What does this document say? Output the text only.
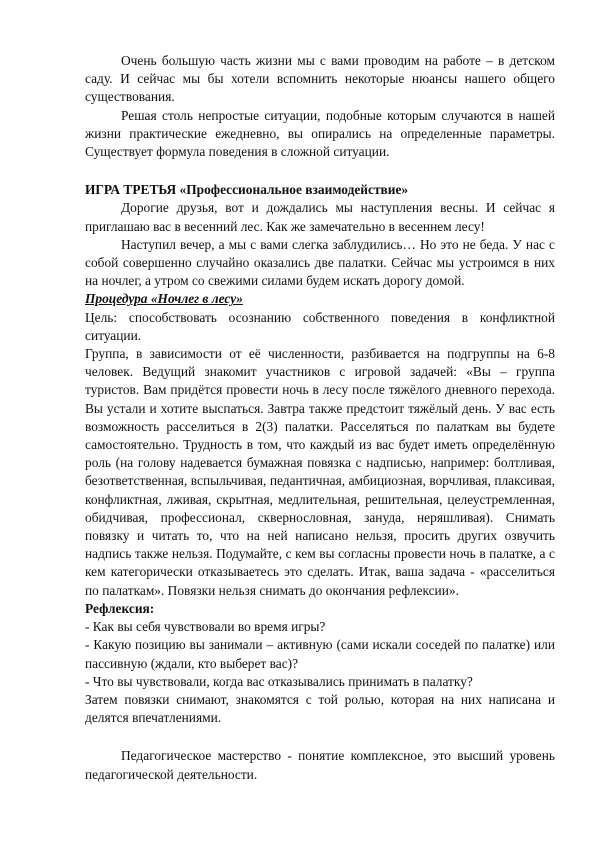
Очень большую часть жизни мы с вами проводим на работе – в детском саду. И сейчас мы бы хотели вспомнить некоторые нюансы нашего общего существования.

Решая столь непростые ситуации, подобные которым случаются в нашей жизни практические ежедневно, вы опирались на определенные параметры. Существует формула поведения в сложной ситуации.

ИГРА ТРЕТЬЯ «Профессиональное взаимодействие»

Дорогие друзья, вот и дождались мы наступления весны. И сейчас я приглашаю вас в весенний лес. Как же замечательно в весеннем лесу!

Наступил вечер, а мы с вами слегка заблудились… Но это не беда. У нас с собой совершенно случайно оказались две палатки. Сейчас мы устроимся в них на ночлег, а утром со свежими силами будем искать дорогу домой.

Процедура «Ночлег в лесу»

Цель: способствовать осознанию собственного поведения в конфликтной ситуации.

Группа, в зависимости от её численности, разбивается на подгруппы на 6-8 человек. Ведущий знакомит участников с игровой задачей: «Вы – группа туристов. Вам придётся провести ночь в лесу после тяжёлого дневного перехода. Вы устали и хотите выспаться. Завтра также предстоит тяжёлый день. У вас есть возможность расселиться в 2(3) палатки. Расселяться по палаткам вы будете самостоятельно. Трудность в том, что каждый из вас будет иметь определённую роль (на голову надевается бумажная повязка с надписью, например: болтливая, безответственная, вспыльчивая, педантичная, амбициозная, ворчливая, плаксивая, конфликтная, лживая, скрытная, медлительная, решительная, целеустремленная, обидчивая, профессионал, сквернословная, зануда, неряшливая). Снимать повязку и читать то, что на ней написано нельзя, просить других озвучить надпись также нельзя. Подумайте, с кем вы согласны провести ночь в палатке, а с кем категорически отказываетесь это сделать. Итак, ваша задача - «расселиться по палаткам». Повязки нельзя снимать до окончания рефлексии».

Рефлексия:

- Как вы себя чувствовали во время игры?

- Какую позицию вы занимали – активную (сами искали соседей по палатке) или пассивную (ждали, кто выберет вас)?

- Что вы чувствовали, когда вас отказывались принимать в палатку?

Затем повязки снимают, знакомятся с той ролью, которая на них написана и делятся впечатлениями.

Педагогическое мастерство - понятие комплексное, это высший уровень педагогической деятельности.
